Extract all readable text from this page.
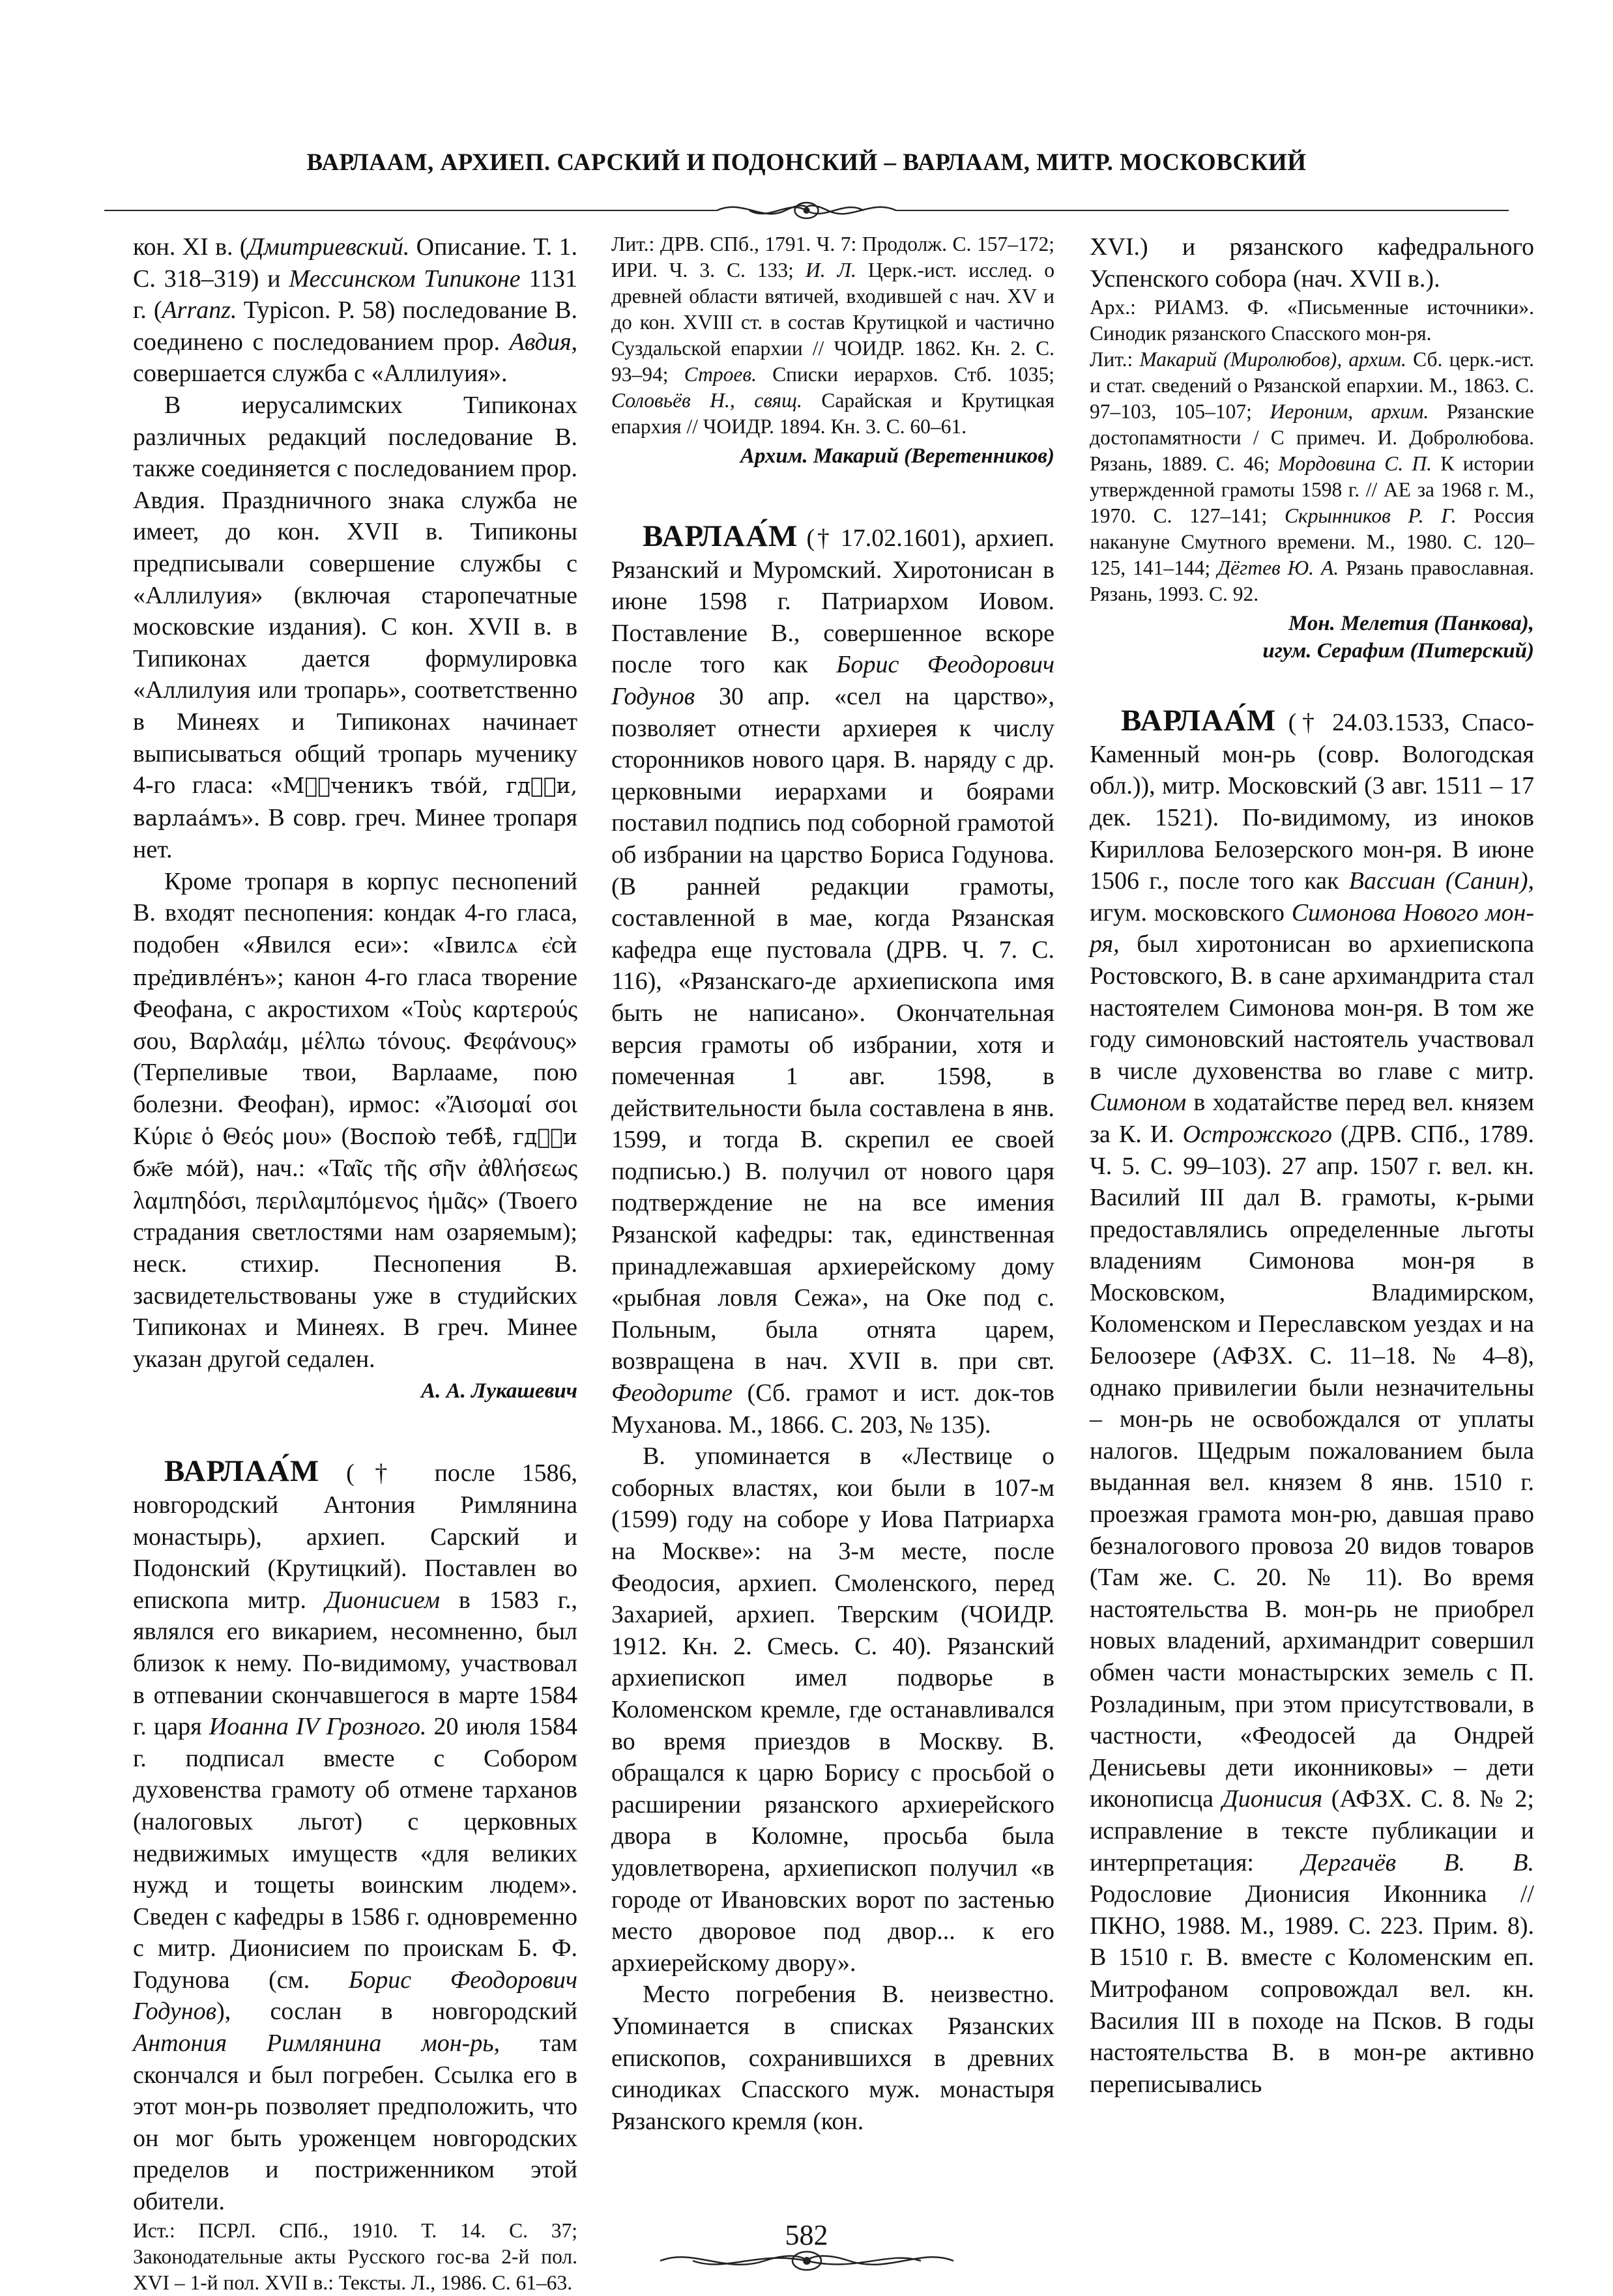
ВАРЛААМ, АРХИЕП. САРСКИЙ И ПОДОНСКИЙ – ВАРЛААМ, МИТР. МОСКОВСКИЙ

кон. XI в. (Дмитриевский. Описание. Т. 1. С. 318–319) и Мессинском Типиконе 1131 г. (Arranz. Typicon. P. 58) последование В. соединено с последованием прор. Авдия, совершается служба с «Аллилуия».

В иерусалимских Типиконах различных редакций последование В. также соединяется с последованием прор. Авдия. Праздничного знака служба не имеет, до кон. XVII в. Типиконы предписывали совершение службы с «Аллилуия» (включая старопечатные московские издания). С кон. XVII в. в Типиконах дается формулировка «Аллилуия или тропарь», соответственно в Минеях и Типиконах начинает выписываться общий тропарь мученику 4-го гласа: «Мⷣ҇ченикъ твóй, гдⷭ҇и, варлаáмъ». В совр. греч. Минее тропаря нет.

Кроме тропаря в корпус песнопений В. входят песнопения: кондак 4-го гласа, подобен «Явился еси»: «Iвилсѧ є҆сѝ пре҆дивлéнъ»; канон 4-го гласа творение Феофана, с акростихом «Τοὺς καρτερούς σου, Βαρλαάμ, μέλπω τόνους. Φεφάνους» (Терпеливые твои, Варлааме, пою болезни. Феофан), ирмос: «Ἄισομαί σοι Κύριε ὁ Θεός μου» (Воспою̀ тебѣ̀, гдⷭ҇и бж҃е мóй), нач.: «Ταῖς τῆς σῆν ἀθλήσεως λαμπηδόσι, περιλαμπόμενος ἡμᾶς» (Твоего страдания светлостями нам озаряемым); неск. стихир. Песнопения В. засвидетельствованы уже в студийских Типиконах и Минеях. В греч. Минее указан другой седален.

А. А. Лукашевич

ВАРЛАА́М († после 1586, новгородский Антония Римлянина монастырь), архиеп. Сарский и Подонский (Крутицкий). Поставлен во епископа митр. Дионисием в 1583 г., являлся его викарием, несомненно, был близок к нему. По-видимому, участвовал в отпевании скончавшегося в марте 1584 г. царя Иоанна IV Грозного. 20 июля 1584 г. подписал вместе с Собором духовенства грамоту об отмене тарханов (налоговых льгот) с церковных недвижимых имуществ «для великих нужд и тощеты воинским людем». Сведен с кафедры в 1586 г. одновременно с митр. Дионисием по проискам Б. Ф. Годунова (см. Борис Феодорович Годунов), сослан в новгородский Антония Римлянина мон-рь, там скончался и был погребен. Ссылка его в этот мон-рь позволяет предположить, что он мог быть уроженцем новгородских пределов и постриженником этой обители.

Ист.: ПСРЛ. СПб., 1910. Т. 14. С. 37; Законодательные акты Русского гос-ва 2-й пол. XVI – 1-й пол. XVII в.: Тексты. Л., 1986. С. 61–63.

Лит.: ДРВ. СПб., 1791. Ч. 7: Продолж. С. 157–172; ИРИ. Ч. 3. С. 133; И. Л. Церк.-ист. исслед. о древней области вятичей, входившей с нач. XV и до кон. XVIII ст. в состав Крутицкой и частично Суздальской епархии // ЧОИДР. 1862. Кн. 2. С. 93–94; Строев. Списки иерархов. Стб. 1035; Соловьёв Н., свящ. Сарайская и Крутицкая епархия // ЧОИДР. 1894. Кн. 3. С. 60–61.

Архим. Макарий (Веретенников)

ВАРЛАА́М († 17.02.1601), архиеп. Рязанский и Муромский. Хиротонисан в июне 1598 г. Патриархом Иовом. Поставление В., совершенное вскоре после того как Борис Феодорович Годунов 30 апр. «сел на царство», позволяет отнести архиерея к числу сторонников нового царя. В. наряду с др. церковными иерархами и боярами поставил подпись под соборной грамотой об избрании на царство Бориса Годунова. (В ранней редакции грамоты, составленной в мае, когда Рязанская кафедра еще пустовала (ДРВ. Ч. 7. С. 116), «Рязанскаго-де архиепископа имя быть не написано». Окончательная версия грамоты об избрании, хотя и помеченная 1 авг. 1598, в действительности была составлена в янв. 1599, и тогда В. скрепил ее своей подписью.) В. получил от нового царя подтверждение не на все имения Рязанской кафедры: так, единственная принадлежавшая архиерейскому дому «рыбная ловля Сежа», на Оке под с. Польным, была отнята царем, возвращена в нач. XVII в. при свт. Феодорите (Сб. грамот и ист. док-тов Муханова. М., 1866. С. 203, № 135).

В. упоминается в «Лествице о соборных властях, кои были в 107-м (1599) году на соборе у Иова Патриарха на Москве»: на 3-м месте, после Феодосия, архиеп. Смоленского, перед Захарией, архиеп. Тверским (ЧОИДР. 1912. Кн. 2. Смесь. С. 40). Рязанский архиепископ имел подворье в Коломенском кремле, где останавливался во время приездов в Москву. В. обращался к царю Борису с просьбой о расширении рязанского архиерейского двора в Коломне, просьба была удовлетворена, архиепископ получил «в городе от Ивановских ворот по застенью место дворовое под двор... к его архиерейскому двору».

Место погребения В. неизвестно. Упоминается в списках Рязанских епископов, сохранившихся в древних синодиках Спасского муж. монастыря Рязанского кремля (кон.

XVI.) и рязанского кафедрального Успенского собора (нач. XVII в.).

Арх.: РИАМЗ. Ф. «Письменные источники». Синодик рязанского Спасского мон-ря.

Лит.: Макарий (Миролюбов), архим. Сб. церк.-ист. и стат. сведений о Рязанской епархии. М., 1863. С. 97–103, 105–107; Иероним, архим. Рязанские достопамятности / С примеч. И. Добролюбова. Рязань, 1889. С. 46; Мордовина С. П. К истории утвержденной грамоты 1598 г. // АЕ за 1968 г. М., 1970. С. 127–141; Скрынников Р. Г. Россия накануне Смутного времени. М., 1980. С. 120–125, 141–144; Дёгтев Ю. А. Рязань православная. Рязань, 1993. С. 92.

Мон. Мелетия (Панкова),

игум. Серафим (Питерский)

ВАРЛАА́М († 24.03.1533, Спасо-Каменный мон-рь (совр. Вологодская обл.)), митр. Московский (3 авг. 1511 – 17 дек. 1521). По-видимому, из иноков Кириллова Белозерского мон-ря. В июне 1506 г., после того как Вассиан (Санин), игум. московского Симонова Нового мон-ря, был хиротонисан во архиепископа Ростовского, В. в сане архимандрита стал настоятелем Симонова мон-ря. В том же году симоновский настоятель участвовал в числе духовенства во главе с митр. Симоном в ходатайстве перед вел. князем за К. И. Острожского (ДРВ. СПб., 1789. Ч. 5. С. 99–103). 27 апр. 1507 г. вел. кн. Василий III дал В. грамоты, к-рыми предоставлялись определенные льготы владениям Симонова мон-ря в Московском, Владимирском, Коломенском и Переславском уездах и на Белоозере (АФЗХ. С. 11–18. № 4–8), однако привилегии были незначительны – мон-рь не освобождался от уплаты налогов. Щедрым пожалованием была выданная вел. князем 8 янв. 1510 г. проезжая грамота мон-рю, давшая право безналогового провоза 20 видов товаров (Там же. С. 20. № 11). Во время настоятельства В. мон-рь не приобрел новых владений, архимандрит совершил обмен части монастырских земель с П. Розладиным, при этом присутствовали, в частности, «Феодосей да Ондрей Денисьевы дети иконниковы» – дети иконописца Дионисия (АФЗХ. С. 8. № 2; исправление в тексте публикации и интерпретация: Дергачёв В. В. Родословие Дионисия Иконника // ПКНО, 1988. М., 1989. С. 223. Прим. 8). В 1510 г. В. вместе с Коломенским еп. Митрофаном сопровождал вел. кн. Василия III в походе на Псков. В годы настоятельства В. в мон-ре активно переписывались

582
